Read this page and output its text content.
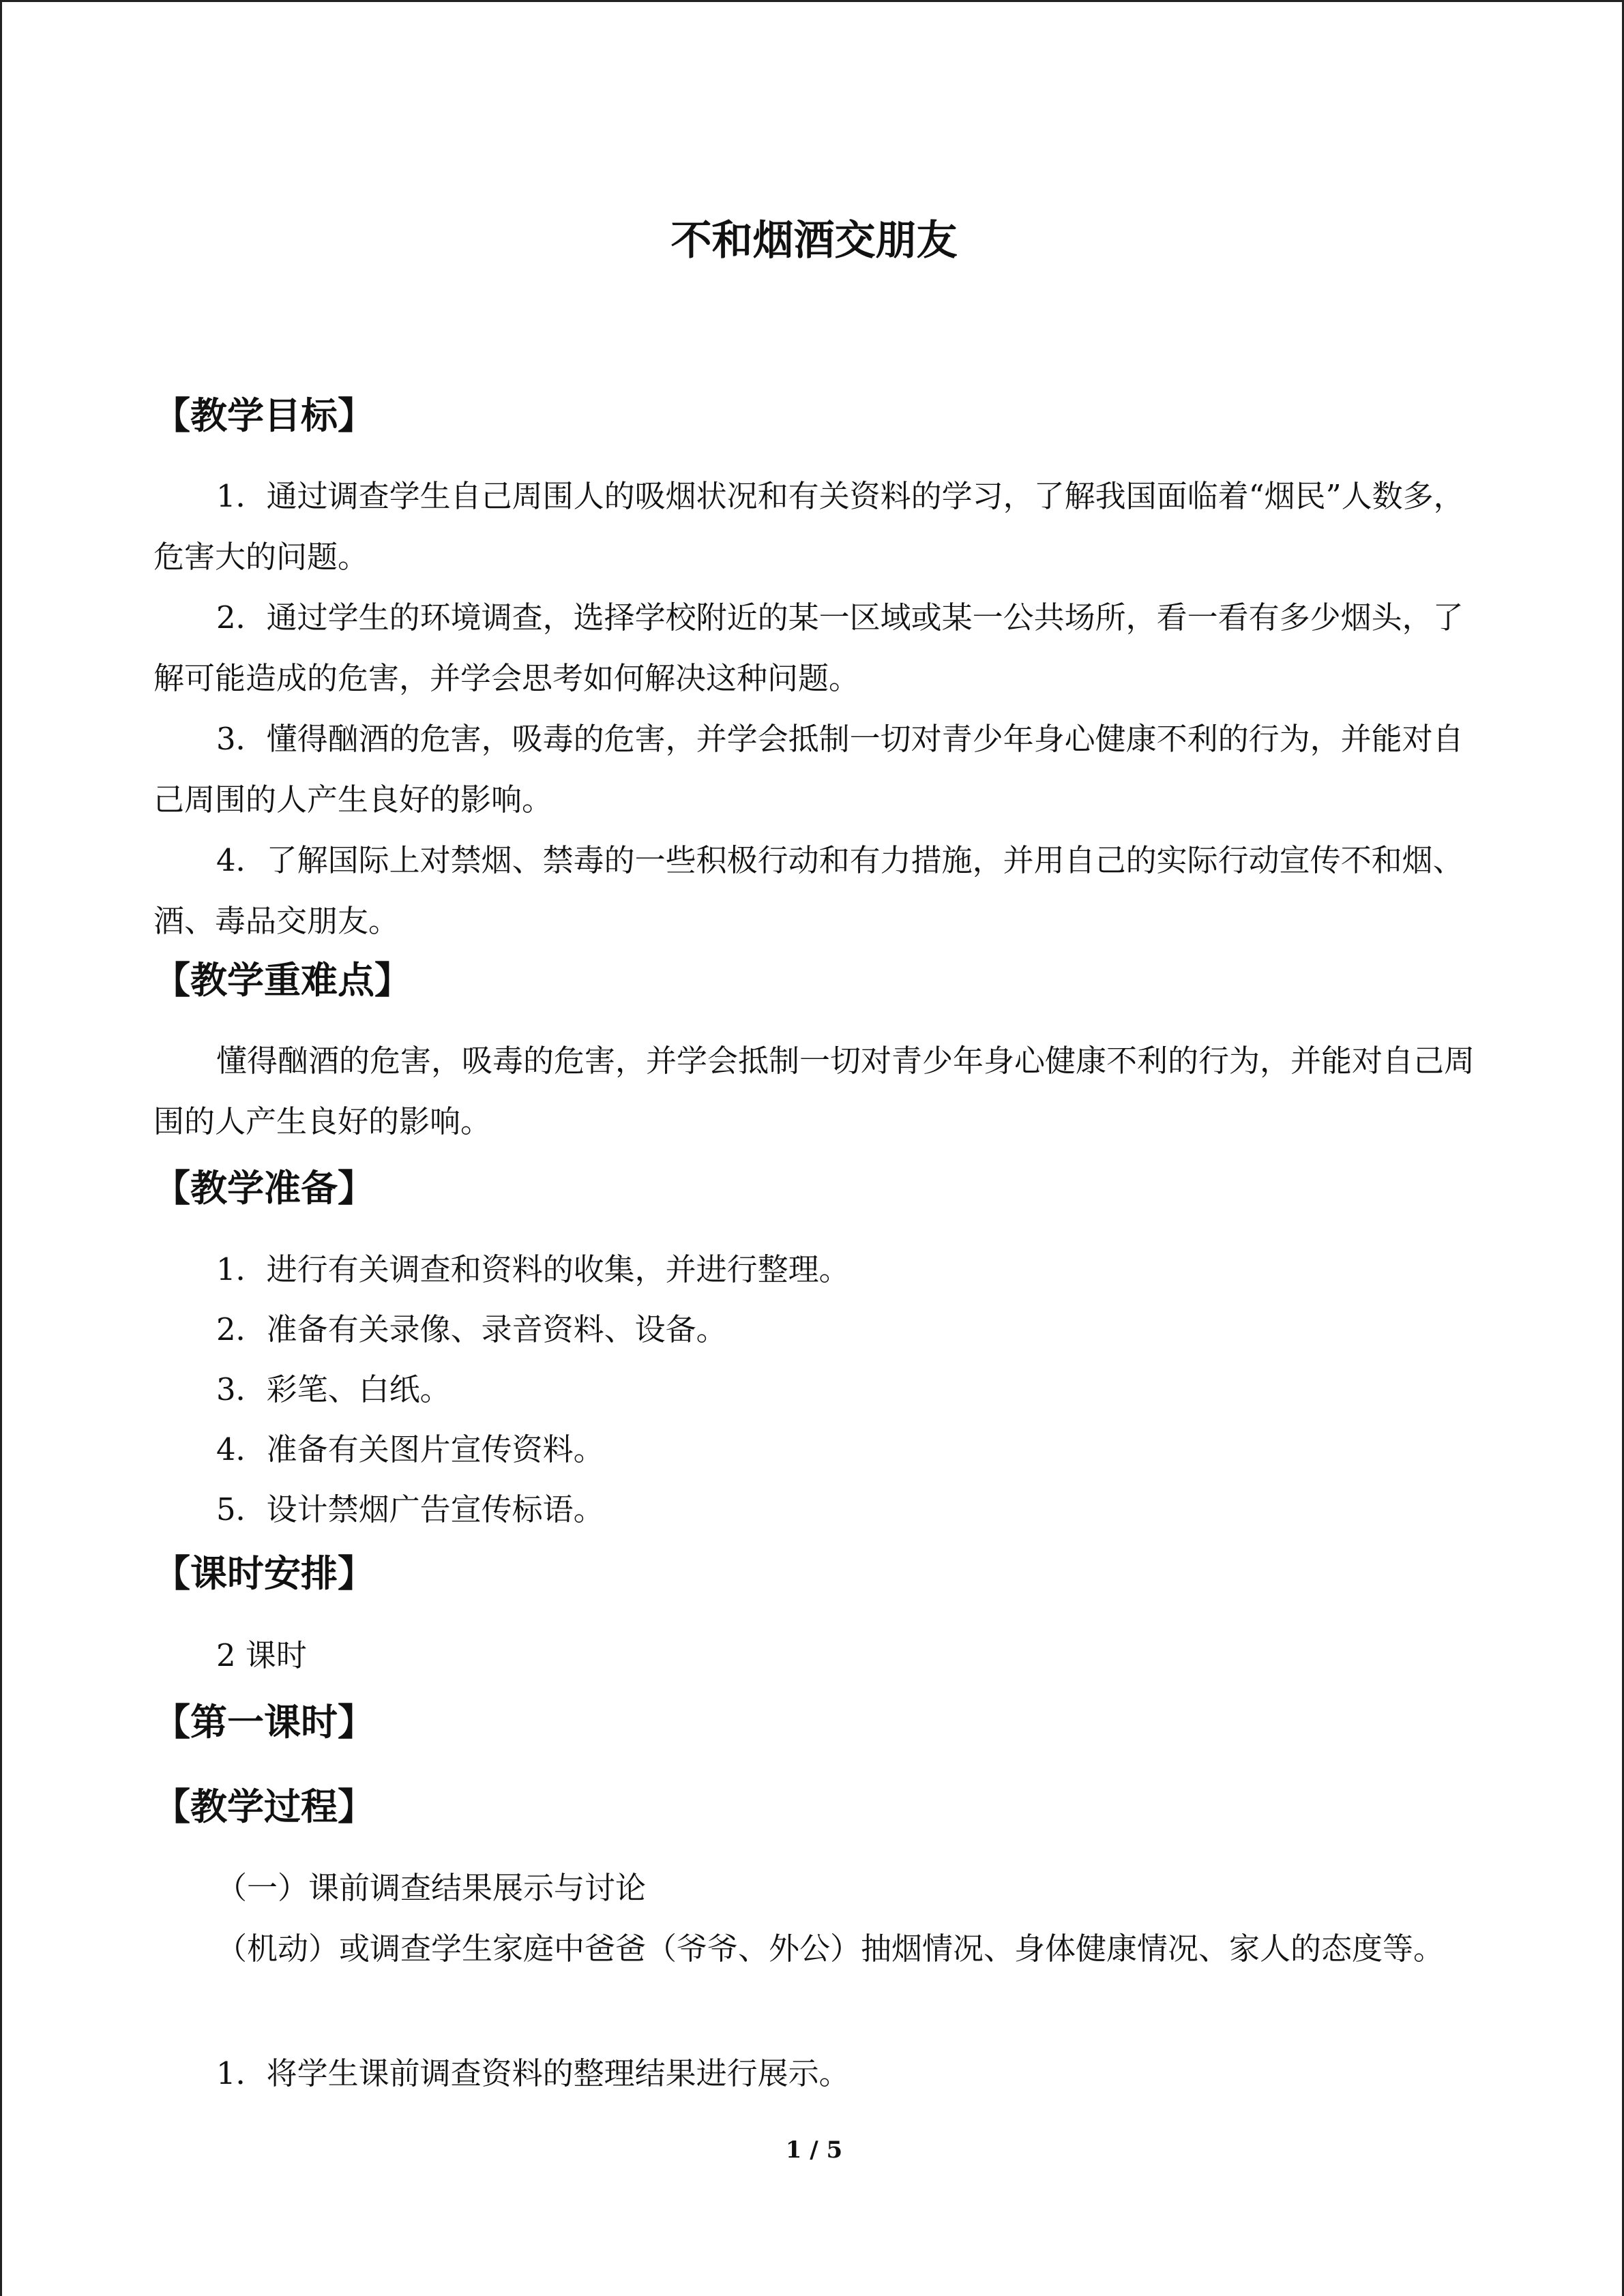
不和烟酒交朋友
【教学目标】
1．通过调查学生自己周围人的吸烟状况和有关资料的学习，了解我国面临着“烟民”人数多，危害大的问题。
2．通过学生的环境调查，选择学校附近的某一区域或某一公共场所，看一看有多少烟头，了解可能造成的危害，并学会思考如何解决这种问题。
3．懂得酗酒的危害，吸毒的危害，并学会抵制一切对青少年身心健康不利的行为，并能对自己周围的人产生良好的影响。
4．了解国际上对禁烟、禁毒的一些积极行动和有力措施，并用自己的实际行动宣传不和烟、酒、毒品交朋友。
【教学重难点】
懂得酗酒的危害，吸毒的危害，并学会抵制一切对青少年身心健康不利的行为，并能对自己周围的人产生良好的影响。
【教学准备】
1．进行有关调查和资料的收集，并进行整理。
2．准备有关录像、录音资料、设备。
3．彩笔、白纸。
4．准备有关图片宣传资料。
5．设计禁烟广告宣传标语。
【课时安排】
2 课时
【第一课时】
【教学过程】
（一）课前调查结果展示与讨论
（机动）或调查学生家庭中爸爸（爷爷、外公）抽烟情况、身体健康情况、家人的态度等。
1．将学生课前调查资料的整理结果进行展示。
1 / 5
